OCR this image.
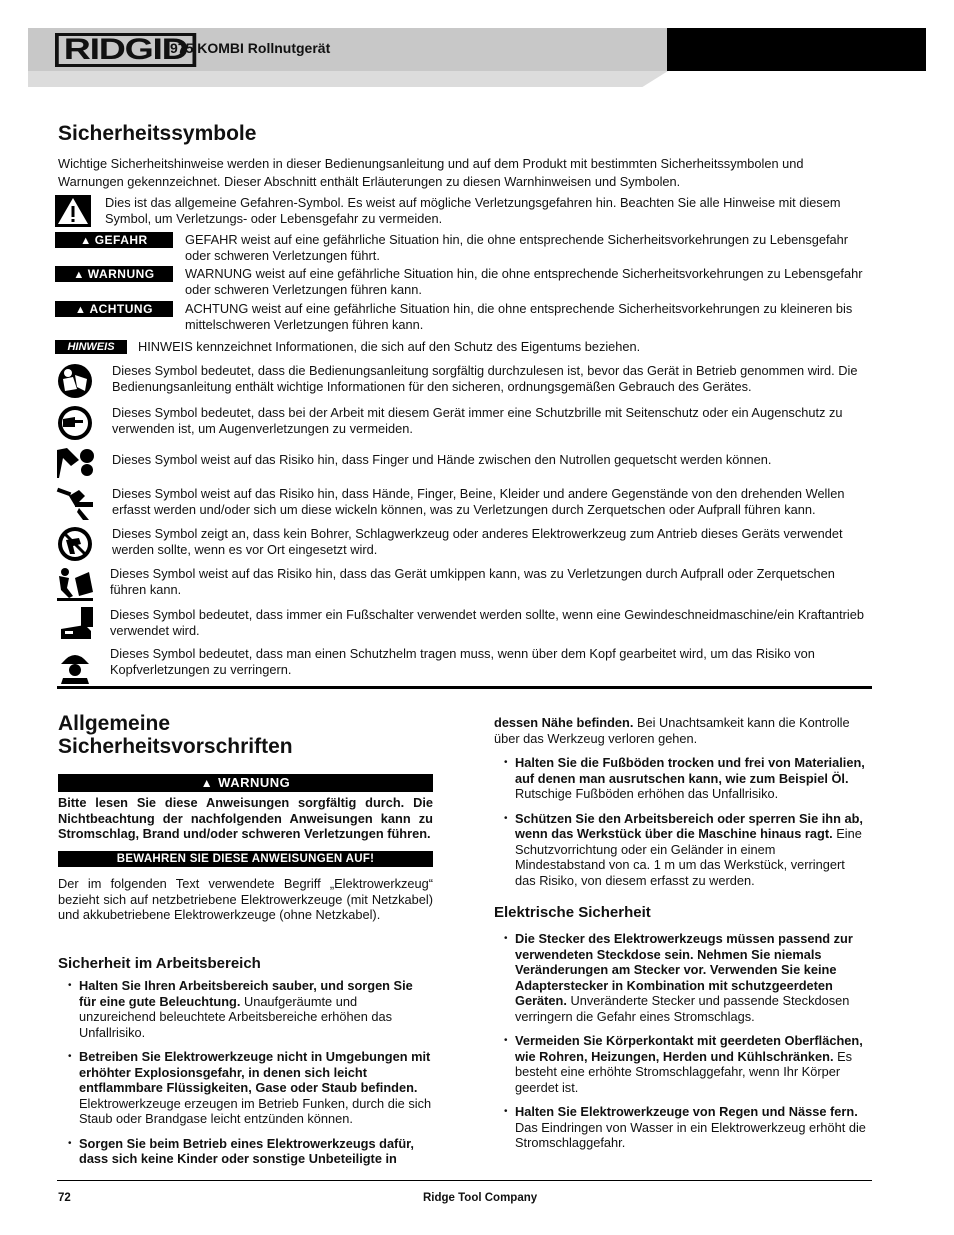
RIDGID
975 KOMBI Rollnutgerät
Sicherheitssymbole

Wichtige Sicherheitshinweise werden in dieser Bedienungsanleitung und auf dem Produkt mit bestimmten Sicherheitssymbolen und Warnungen gekennzeichnet. Dieser Abschnitt enthält Erläuterungen zu diesen Warnhinweisen und Symbolen.

Dies ist das allgemeine Gefahren-Symbol. Es weist auf mögliche Verletzungsgefahren hin. Beachten Sie alle Hinweise mit diesem Symbol, um Verletzungs- oder Lebensgefahr zu vermeiden.
▲ GEFAHR	GEFAHR weist auf eine gefährliche Situation hin, die ohne entsprechende Sicherheitsvorkehrungen zu Lebensgefahr oder schweren Verletzungen führt.
▲ WARNUNG	WARNUNG weist auf eine gefährliche Situation hin, die ohne entsprechende Sicherheitsvorkehrungen zu Lebensgefahr oder schweren Verletzungen führen kann.
▲ ACHTUNG	ACHTUNG weist auf eine gefährliche Situation hin, die ohne entsprechende Sicherheitsvorkehrungen zu kleineren bis mittelschweren Verletzungen führen kann.
HINWEIS	HINWEIS kennzeichnet Informationen, die sich auf den Schutz des Eigentums beziehen.
Dieses Symbol bedeutet, dass die Bedienungsanleitung sorgfältig durchzulesen ist, bevor das Gerät in Betrieb genommen wird. Die Bedienungsanleitung enthält wichtige Informationen für den sicheren, ordnungsgemäßen Gebrauch des Gerätes.
Dieses Symbol bedeutet, dass bei der Arbeit mit diesem Gerät immer eine Schutzbrille mit Seitenschutz oder ein Augenschutz zu verwenden ist, um Augenverletzungen zu vermeiden.
Dieses Symbol weist auf das Risiko hin, dass Finger und Hände zwischen den Nutrollen gequetscht werden können.
Dieses Symbol weist auf das Risiko hin, dass Hände, Finger, Beine, Kleider und andere Gegenstände von den drehenden Wellen erfasst werden und/oder sich um diese wickeln können, was zu Verletzungen durch Zerquetschen oder Aufprall führen kann.
Dieses Symbol zeigt an, dass kein Bohrer, Schlagwerkzeug oder anderes Elektrowerkzeug zum Antrieb dieses Geräts verwendet werden sollte, wenn es vor Ort eingesetzt wird.
Dieses Symbol weist auf das Risiko hin, dass das Gerät umkippen kann, was zu Verletzungen durch Aufprall oder Zerquetschen führen kann.
Dieses Symbol bedeutet, dass immer ein Fußschalter verwendet werden sollte, wenn eine Gewindeschneidmaschine/ein Kraftantrieb verwendet wird.
Dieses Symbol bedeutet, dass man einen Schutzhelm tragen muss, wenn über dem Kopf gearbeitet wird, um das Risiko von Kopfverletzungen zu verringern.
Allgemeine
Sicherheitsvorschriften
▲ WARNUNG
Bitte lesen Sie diese Anweisungen sorgfältig durch. Die Nichtbeachtung der nachfolgenden Anweisungen kann zu Stromschlag, Brand und/oder schweren Verletzungen führen.
BEWAHREN SIE DIESE ANWEISUNGEN AUF!
Der im folgenden Text verwendete Begriff „Elektrowerkzeug“ bezieht sich auf netzbetriebene Elektrowerkzeuge (mit Netzkabel) und akkubetriebene Elektrowerkzeuge (ohne Netzkabel).
Sicherheit im Arbeitsbereich
• Halten Sie Ihren Arbeitsbereich sauber, und sorgen Sie für eine gute Beleuchtung. Unaufgeräumte und unzureichend beleuchtete Arbeitsbereiche erhöhen das Unfallrisiko.
• Betreiben Sie Elektrowerkzeuge nicht in Umgebungen mit erhöhter Explosionsgefahr, in denen sich leicht entflammbare Flüssigkeiten, Gase oder Staub befinden. Elektrowerkzeuge erzeugen im Betrieb Funken, durch die sich Staub oder Brandgase leicht entzünden können.
• Sorgen Sie beim Betrieb eines Elektrowerkzeugs dafür, dass sich keine Kinder oder sonstige Unbeteiligte in
dessen Nähe befinden. Bei Unachtsamkeit kann die Kontrolle über das Werkzeug verloren gehen.
• Halten Sie die Fußböden trocken und frei von Materialien, auf denen man ausrutschen kann, wie zum Beispiel Öl. Rutschige Fußböden erhöhen das Unfallrisiko.
• Schützen Sie den Arbeitsbereich oder sperren Sie ihn ab, wenn das Werkstück über die Maschine hinaus ragt. Eine Schutzvorrichtung oder ein Geländer in einem Mindestabstand von ca. 1 m um das Werkstück, verringert das Risiko, von diesem erfasst zu werden.
Elektrische Sicherheit
• Die Stecker des Elektrowerkzeugs müssen passend zur verwendeten Steckdose sein. Nehmen Sie niemals Veränderungen am Stecker vor. Verwenden Sie keine Adapterstecker in Kombination mit schutzgeerdeten Geräten. Unveränderte Stecker und passende Steckdosen verringern die Gefahr eines Stromschlags.
• Vermeiden Sie Körperkontakt mit geerdeten Oberflächen, wie Rohren, Heizungen, Herden und Kühlschränken. Es besteht eine erhöhte Stromschlaggefahr, wenn Ihr Körper geerdet ist.
• Halten Sie Elektrowerkzeuge von Regen und Nässe fern. Das Eindringen von Wasser in ein Elektrowerkzeug erhöht die Stromschlaggefahr.
72	Ridge Tool Company
